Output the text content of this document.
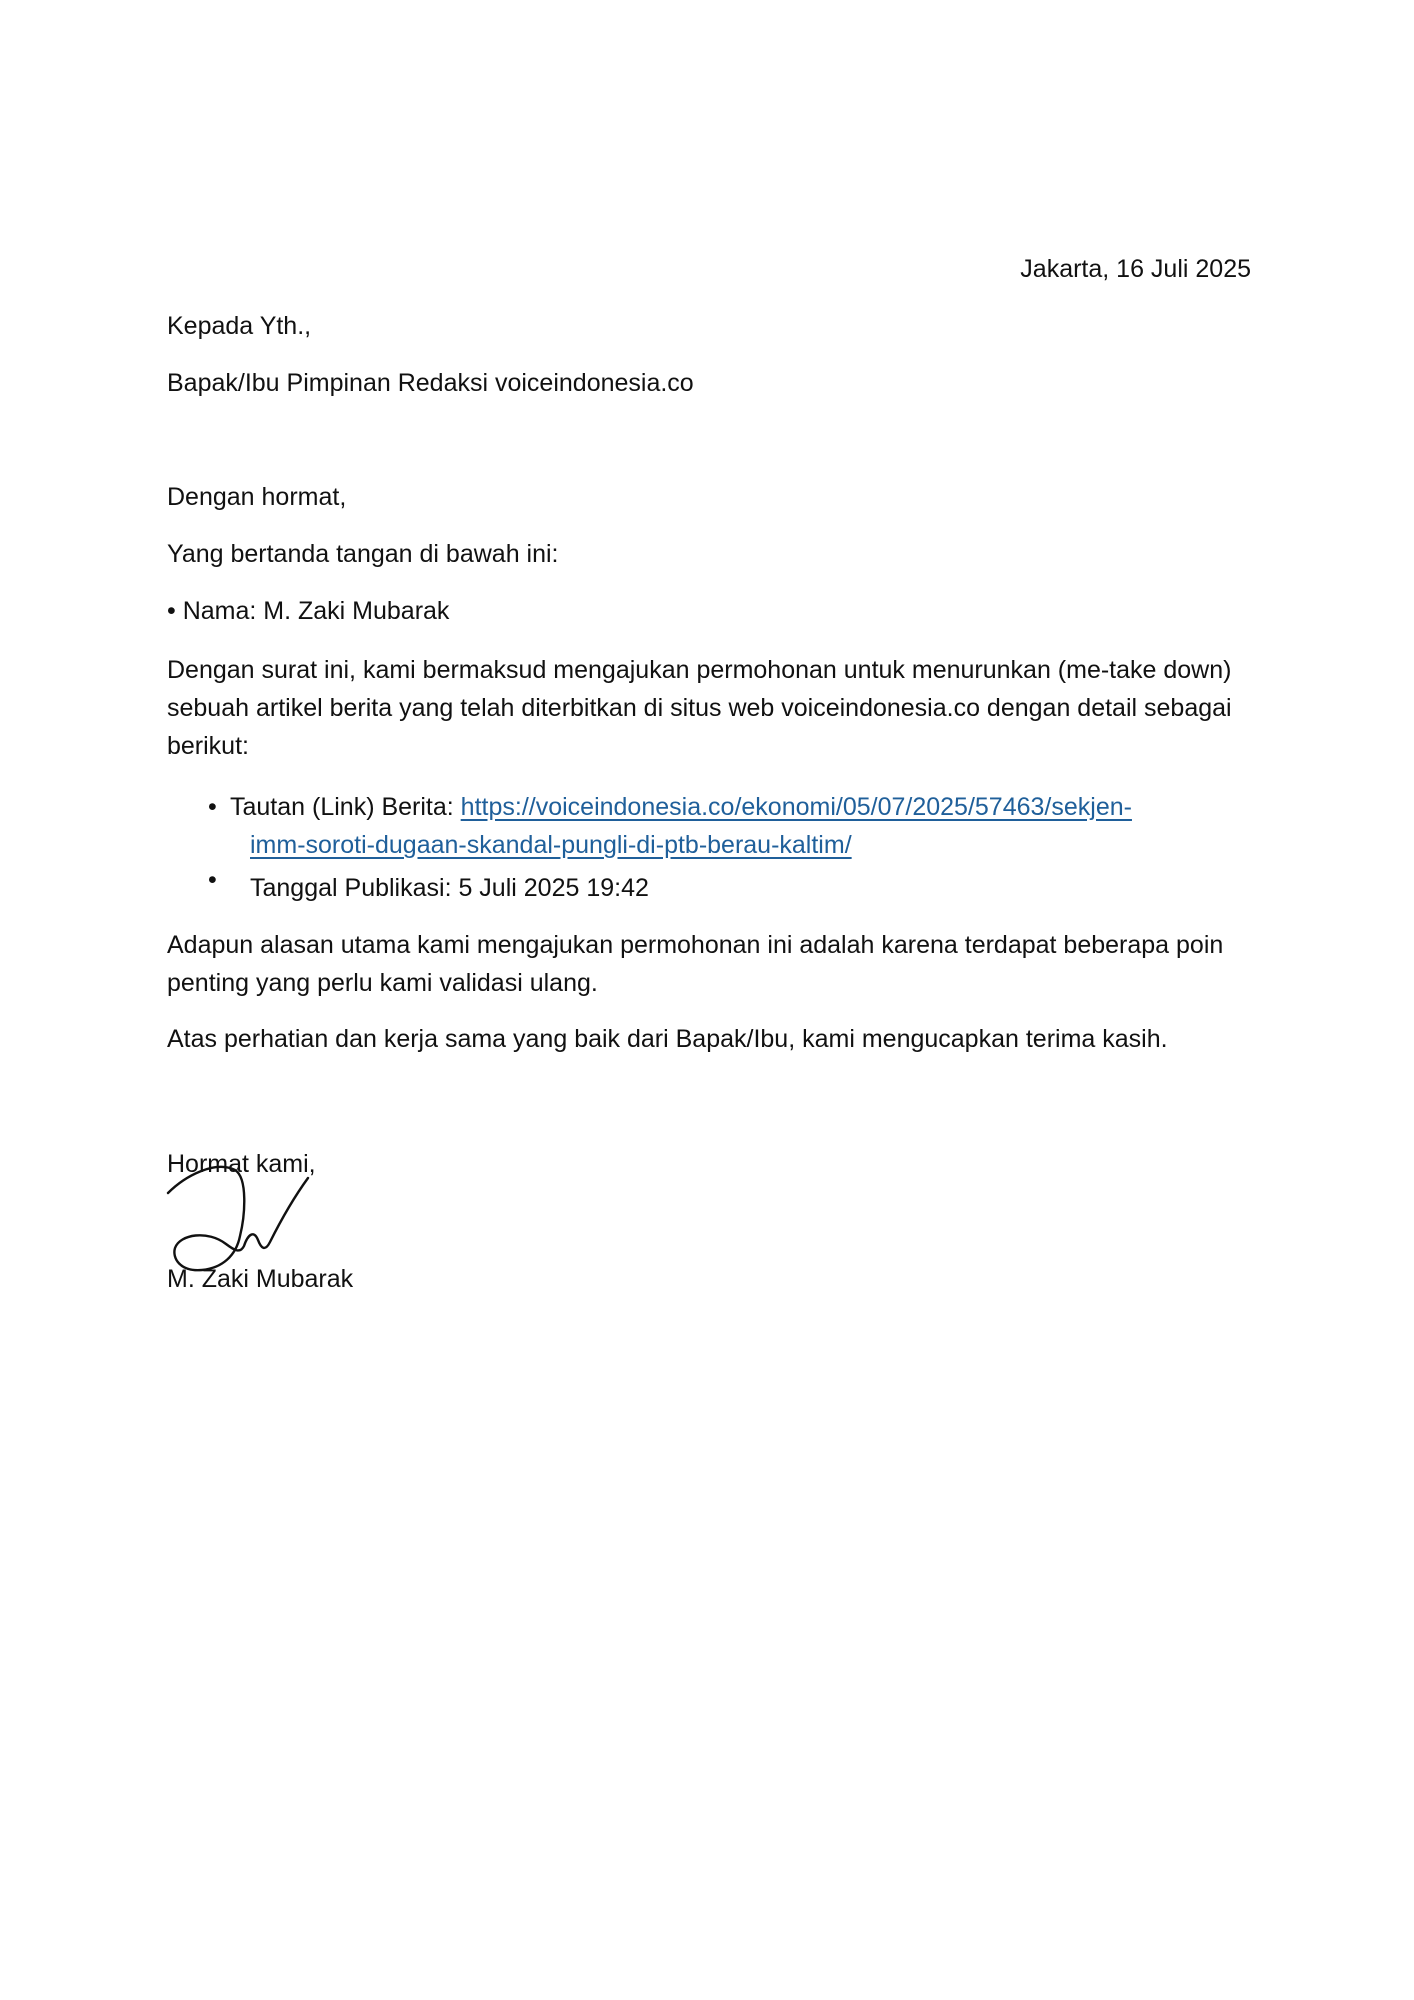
Jakarta, 16 Juli 2025
Kepada Yth.,
Bapak/Ibu Pimpinan Redaksi voiceindonesia.co
Dengan hormat,
Yang bertanda tangan di bawah ini:
• Nama: M. Zaki Mubarak
Dengan surat ini, kami bermaksud mengajukan permohonan untuk menurunkan (me-take down) sebuah artikel berita yang telah diterbitkan di situs web voiceindonesia.co dengan detail sebagai berikut:
• Tautan (Link) Berita: https://voiceindonesia.co/ekonomi/05/07/2025/57463/sekjen-
imm-soroti-dugaan-skandal-pungli-di-ptb-berau-kaltim/
• Tanggal Publikasi: 5 Juli 2025 19:42
Adapun alasan utama kami mengajukan permohonan ini adalah karena terdapat beberapa poin penting yang perlu kami validasi ulang.
Atas perhatian dan kerja sama yang baik dari Bapak/Ibu, kami mengucapkan terima kasih.
Hormat kami,
M. Zaki Mubarak
